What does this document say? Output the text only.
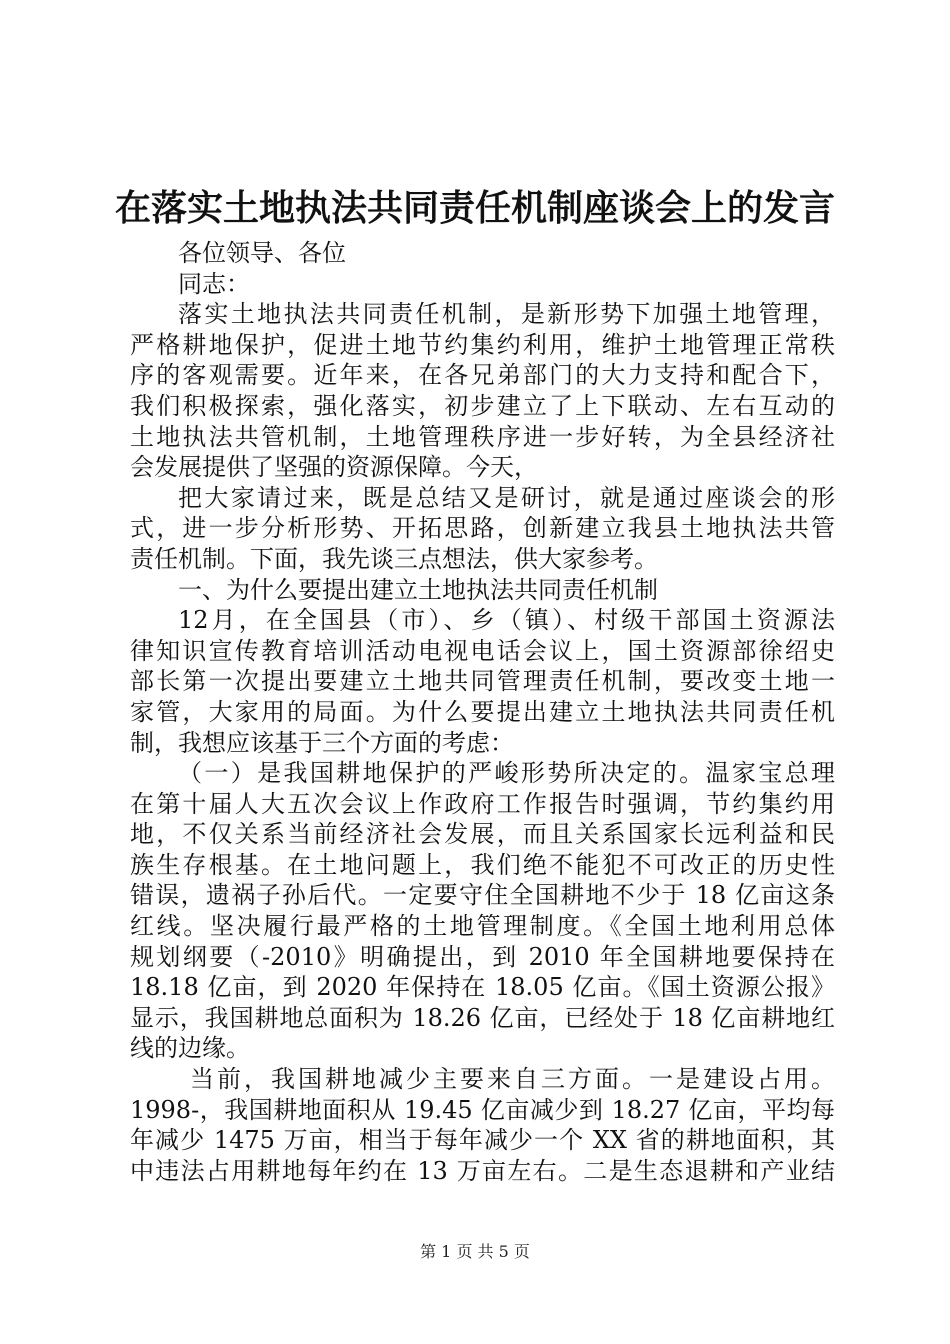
在落实土地执法共同责任机制座谈会上的发言
各位领导、各位
同志：
落实土地执法共同责任机制，是新形势下加强土地管理，
严格耕地保护，促进土地节约集约利用，维护土地管理正常秩
序的客观需要。近年来，在各兄弟部门的大力支持和配合下，
我们积极探索，强化落实，初步建立了上下联动、左右互动的
土地执法共管机制，土地管理秩序进一步好转，为全县经济社
会发展提供了坚强的资源保障。今天，
把大家请过来，既是总结又是研讨，就是通过座谈会的形
式，进一步分析形势、开拓思路，创新建立我县土地执法共管
责任机制。下面，我先谈三点想法，供大家参考。
一、为什么要提出建立土地执法共同责任机制
12月，在全国县（市）、乡（镇）、村级干部国土资源法
律知识宣传教育培训活动电视电话会议上，国土资源部徐绍史
部长第一次提出要建立土地共同管理责任机制，要改变土地一
家管，大家用的局面。为什么要提出建立土地执法共同责任机
制，我想应该基于三个方面的考虑：
（一）是我国耕地保护的严峻形势所决定的。温家宝总理
在第十届人大五次会议上作政府工作报告时强调，节约集约用
地，不仅关系当前经济社会发展，而且关系国家长远利益和民
族生存根基。在土地问题上，我们绝不能犯不可改正的历史性
错误，遗祸子孙后代。一定要守住全国耕地不少于 18 亿亩这条
红线。坚决履行最严格的土地管理制度。《全国土地利用总体
规划纲要（-2010》明确提出，到 2010 年全国耕地要保持在
18.18 亿亩，到 2020 年保持在 18.05 亿亩。《国土资源公报》
显示，我国耕地总面积为 18.26 亿亩，已经处于 18 亿亩耕地红
线的边缘。
当前，我国耕地减少主要来自三方面。一是建设占用。
1998-，我国耕地面积从 19.45 亿亩减少到 18.27 亿亩，平均每
年减少 1475 万亩，相当于每年减少一个 XX 省的耕地面积，其
中违法占用耕地每年约在 13 万亩左右。二是生态退耕和产业结
第 1 页 共 5 页
